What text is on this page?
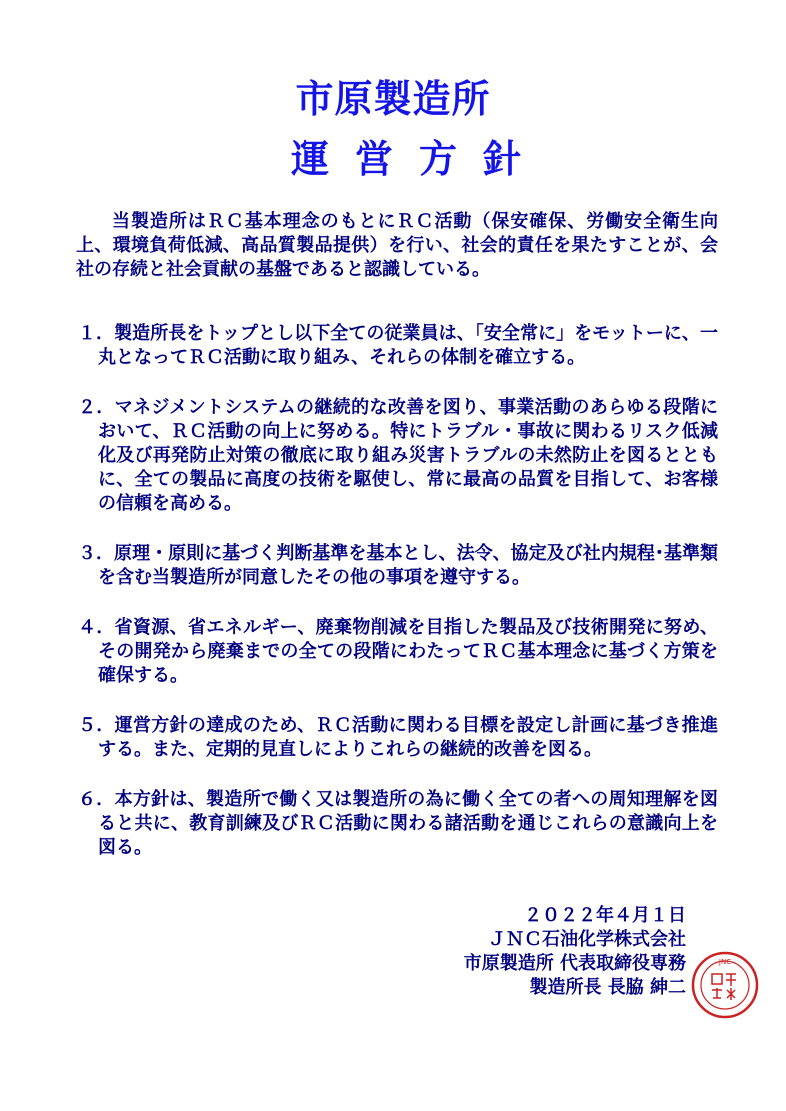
市原製造所
運営方針

当製造所はＲＣ基本理念のもとにＲＣ活動（保安確保、労働安全衛生向上、環境負荷低減、高品質製品提供）を行い、社会的責任を果たすことが、会社の存続と社会貢献の基盤であると認識している。

１．製造所長をトップとし以下全ての従業員は、「安全常に」をモットーに、一丸となってＲＣ活動に取り組み、それらの体制を確立する。
２．マネジメントシステムの継続的な改善を図り、事業活動のあらゆる段階において、ＲＣ活動の向上に努める。特にトラブル・事故に関わるリスク低減化及び再発防止対策の徹底に取り組み災害トラブルの未然防止を図るとともに、全ての製品に高度の技術を駆使し、常に最高の品質を目指して、お客様の信頼を高める。
３．原理・原則に基づく判断基準を基本とし、法令、協定及び社内規程･基準類を含む当製造所が同意したその他の事項を遵守する。
４．省資源、省エネルギー、廃棄物削減を目指した製品及び技術開発に努め、その開発から廃棄までの全ての段階にわたってＲＣ基本理念に基づく方策を確保する。
５．運営方針の達成のため、ＲＣ活動に関わる目標を設定し計画に基づき推進する。また、定期的見直しによりこれらの継続的改善を図る。
６．本方針は、製造所で働く又は製造所の為に働く全ての者への周知理解を図ると共に、教育訓練及びＲＣ活動に関わる諸活動を通じこれらの意識向上を図る。
２０２２年４月１日
ＪＮＣ石油化学株式会社
市原製造所 代表取締役専務
製造所長 長脇 紳二
JNC
